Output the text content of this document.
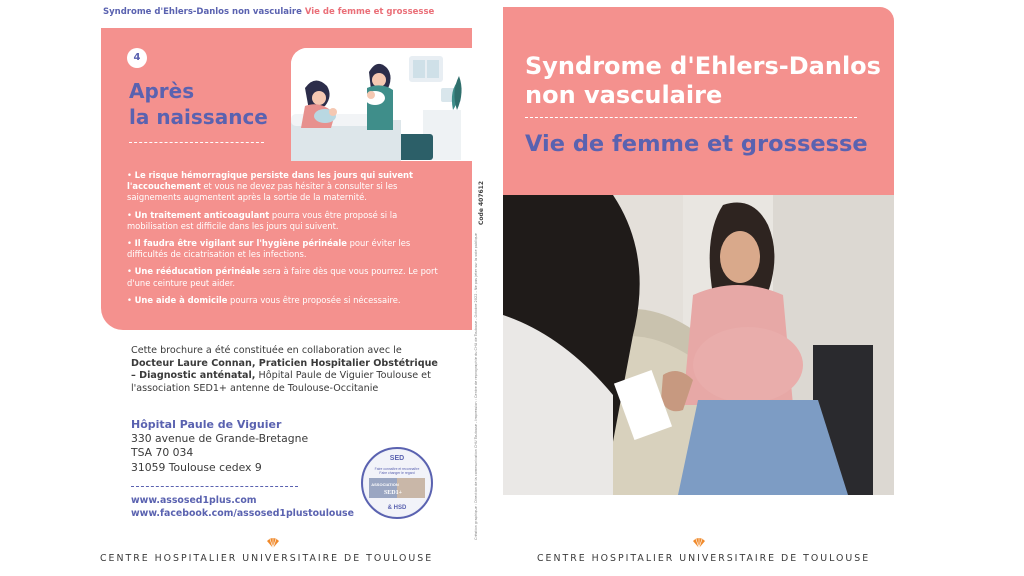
Syndrome d'Ehlers-Danlos non vasculaire Vie de femme et grossesse
4
Après
la naissance

• Le risque hémorragique persiste dans les jours qui suivent l'accouchement et vous ne devez pas hésiter à consulter si les saignements augmentent après la sortie de la maternité.

• Un traitement anticoagulant pourra vous être proposé si la mobilisation est difficile dans les jours qui suivent.

• Il faudra être vigilant sur l'hygiène périnéale pour éviter les difficultés de cicatrisation et les infections.

• Une rééducation périnéale sera à faire dès que vous pourrez. Le port d'une ceinture peut aider.

• Une aide à domicile pourra vous être proposée si nécessaire.

Code 407612
Création graphique : Direction de la communication CHU Toulouse - Impression : Centre de reprographie du CHU de Toulouse - Octobre 2022 - Ne pas jeter sur la voie publique
Cette brochure a été constituée en collaboration avec le Docteur Laure Connan, Praticien Hospitalier Obstétrique – Diagnostic anténatal, Hôpital Paule de Viguier Toulouse et l'association SED1+ antenne de Toulouse-Occitanie
Hôpital Paule de Viguier
330 avenue de Grande-Bretagne
TSA 70 034
31059 Toulouse cedex 9
www.assosed1plus.com
www.facebook.com/assosed1plustoulouse
SED
Faire connaître et reconnaître
Faire changer le regard
ASSOCIATION
SED1+
& HSD
CENTRE HOSPITALIER UNIVERSITAIRE DE TOULOUSE
Syndrome d'Ehlers-Danlos
non vasculaire
Vie de femme et grossesse
CENTRE HOSPITALIER UNIVERSITAIRE DE TOULOUSE
